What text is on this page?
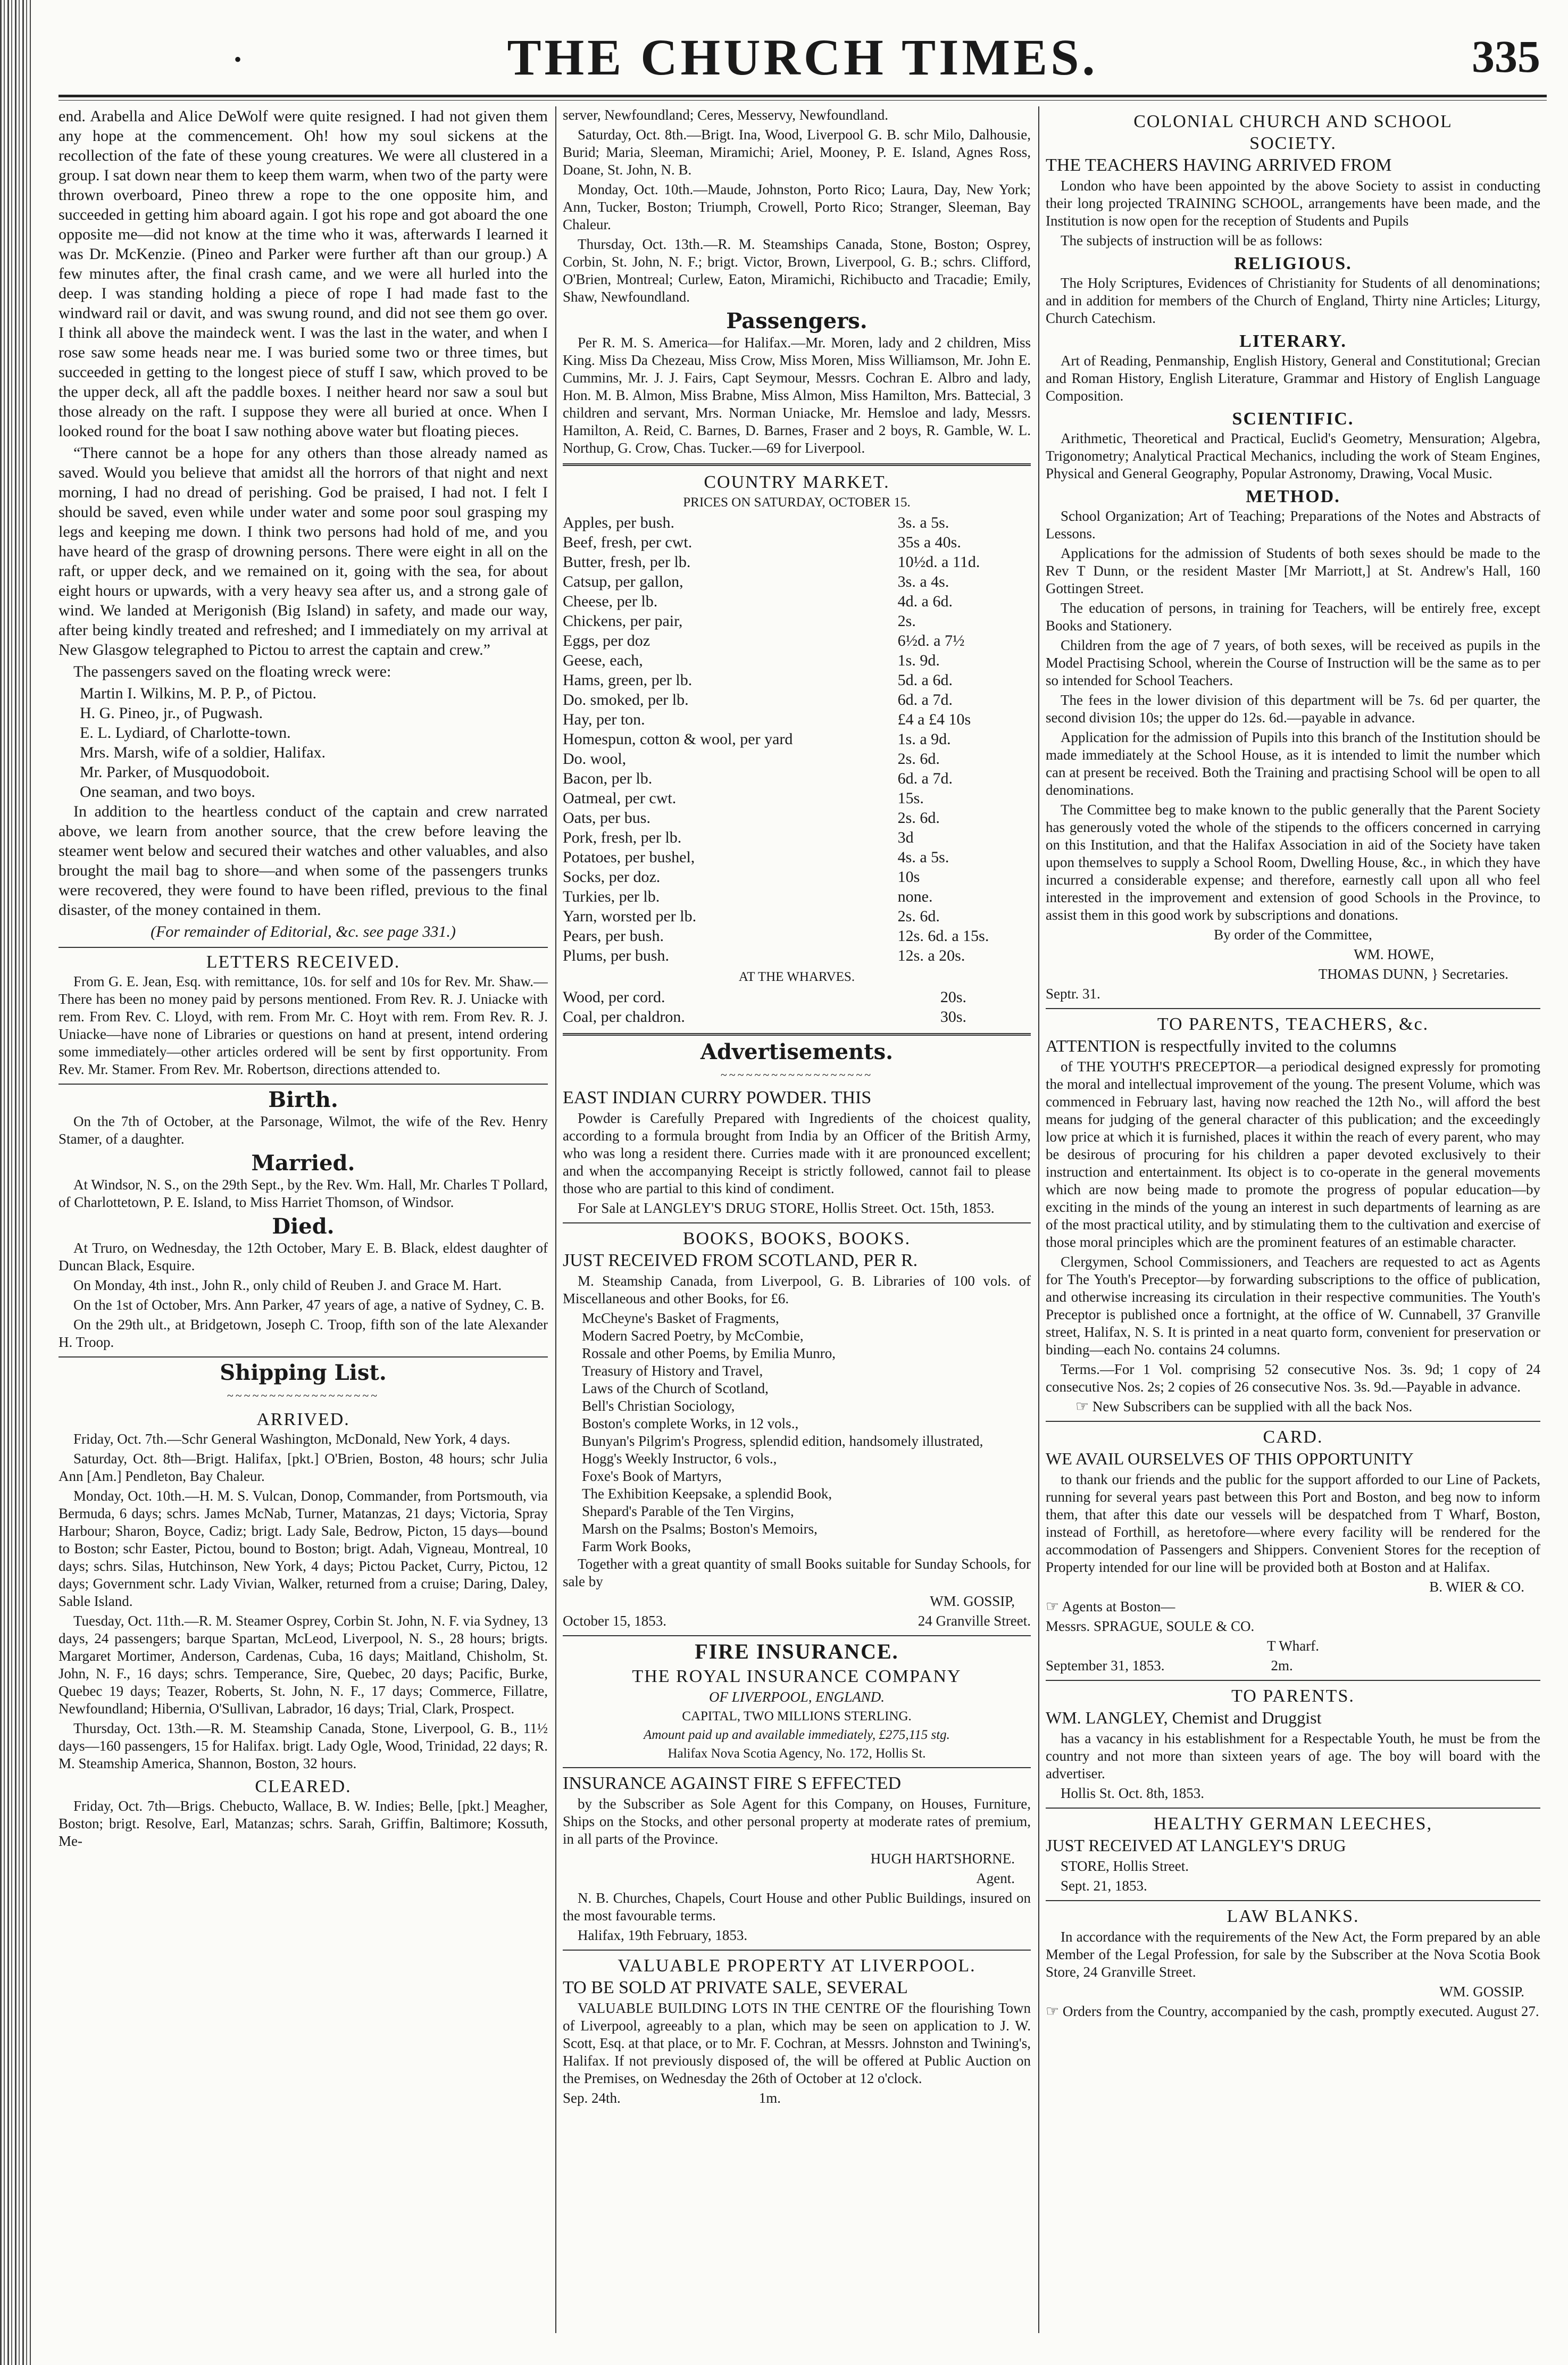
•	THE CHURCH TIMES.	335

end. Arabella and Alice DeWolf were quite resigned. I had not given them any hope at the commencement. Oh! how my soul sickens at the recollection of the fate of these young creatures. We were all clustered in a group. I sat down near them to keep them warm, when two of the party were thrown overboard, Pineo threw a rope to the one opposite him, and succeeded in getting him aboard again. I got his rope and got aboard the one opposite me—did not know at the time who it was, afterwards I learned it was Dr. McKenzie. (Pineo and Parker were further aft than our group.) A few minutes after, the final crash came, and we were all hurled into the deep. I was standing holding a piece of rope I had made fast to the windward rail or davit, and was swung round, and did not see them go over. I think all above the maindeck went. I was the last in the water, and when I rose saw some heads near me. I was buried some two or three times, but succeeded in getting to the longest piece of stuff I saw, which proved to be the upper deck, all aft the paddle boxes. I neither heard nor saw a soul but those already on the raft. I suppose they were all buried at once. When I looked round for the boat I saw nothing above water but floating pieces.

“There cannot be a hope for any others than those already named as saved. Would you believe that amidst all the horrors of that night and next morning, I had no dread of perishing. God be praised, I had not. I felt I should be saved, even while under water and some poor soul grasping my legs and keeping me down. I think two persons had hold of me, and you have heard of the grasp of drowning persons. There were eight in all on the raft, or upper deck, and we remained on it, going with the sea, for about eight hours or upwards, with a very heavy sea after us, and a strong gale of wind. We landed at Merigonish (Big Island) in safety, and made our way, after being kindly treated and refreshed; and I immediately on my arrival at New Glasgow telegraphed to Pictou to arrest the captain and crew.”

The passengers saved on the floating wreck were:

Martin I. Wilkins, M. P. P., of Pictou.

H. G. Pineo, jr., of Pugwash.

E. L. Lydiard, of Charlotte-town.

Mrs. Marsh, wife of a soldier, Halifax.

Mr. Parker, of Musquodoboit.

One seaman, and two boys.

In addition to the heartless conduct of the captain and crew narrated above, we learn from another source, that the crew before leaving the steamer went below and secured their watches and other valuables, and also brought the mail bag to shore—and when some of the passengers trunks were recovered, they were found to have been rifled, previous to the final disaster, of the money contained in them.

(For remainder of Editorial, &c. see page 331.)

LETTERS RECEIVED.

From G. E. Jean, Esq. with remittance, 10s. for self and 10s for Rev. Mr. Shaw.—There has been no money paid by persons mentioned. From Rev. R. J. Uniacke with rem. From Rev. C. Lloyd, with rem. From Mr. C. Hoyt with rem. From Rev. R. J. Uniacke—have none of Libraries or questions on hand at present, intend ordering some immediately—other articles ordered will be sent by first opportunity. From Rev. Mr. Stamer. From Rev. Mr. Robertson, directions attended to.

Birth.

On the 7th of October, at the Parsonage, Wilmot, the wife of the Rev. Henry Stamer, of a daughter.

Married.

At Windsor, N. S., on the 29th Sept., by the Rev. Wm. Hall, Mr. Charles T Pollard, of Charlottetown, P. E. Island, to Miss Harriet Thomson, of Windsor.

Died.

At Truro, on Wednesday, the 12th October, Mary E. B. Black, eldest daughter of Duncan Black, Esquire.

On Monday, 4th inst., John R., only child of Reuben J. and Grace M. Hart.

On the 1st of October, Mrs. Ann Parker, 47 years of age, a native of Sydney, C. B.

On the 29th ult., at Bridgetown, Joseph C. Troop, fifth son of the late Alexander H. Troop.

Shipping List.

~~~~~~~~~~~~~~~~~~

ARRIVED.

Friday, Oct. 7th.—Schr General Washington, McDonald, New York, 4 days.

Saturday, Oct. 8th—Brigt. Halifax, [pkt.] O'Brien, Boston, 48 hours; schr Julia Ann [Am.] Pendleton, Bay Chaleur.

Monday, Oct. 10th.—H. M. S. Vulcan, Donop, Commander, from Portsmouth, via Bermuda, 6 days; schrs. James McNab, Turner, Matanzas, 21 days; Victoria, Spray Harbour; Sharon, Boyce, Cadiz; brigt. Lady Sale, Bedrow, Picton, 15 days—bound to Boston; schr Easter, Pictou, bound to Boston; brigt. Adah, Vigneau, Montreal, 10 days; schrs. Silas, Hutchinson, New York, 4 days; Pictou Packet, Curry, Pictou, 12 days; Government schr. Lady Vivian, Walker, returned from a cruise; Daring, Daley, Sable Island.

Tuesday, Oct. 11th.—R. M. Steamer Osprey, Corbin St. John, N. F. via Sydney, 13 days, 24 passengers; barque Spartan, McLeod, Liverpool, N. S., 28 hours; brigts. Margaret Mortimer, Anderson, Cardenas, Cuba, 16 days; Maitland, Chisholm, St. John, N. F., 16 days; schrs. Temperance, Sire, Quebec, 20 days; Pacific, Burke, Quebec 19 days; Teazer, Roberts, St. John, N. F., 17 days; Commerce, Fillatre, Newfoundland; Hibernia, O'Sullivan, Labrador, 16 days; Trial, Clark, Prospect.

Thursday, Oct. 13th.—R. M. Steamship Canada, Stone, Liverpool, G. B., 11½ days—160 passengers, 15 for Halifax. brigt. Lady Ogle, Wood, Trinidad, 22 days; R. M. Steamship America, Shannon, Boston, 32 hours.

CLEARED.

Friday, Oct. 7th—Brigs. Chebucto, Wallace, B. W. Indies; Belle, [pkt.] Meagher, Boston; brigt. Resolve, Earl, Matanzas; schrs. Sarah, Griffin, Baltimore; Kossuth, Me-

server, Newfoundland; Ceres, Messervy, Newfoundland.

Saturday, Oct. 8th.—Brigt. Ina, Wood, Liverpool G. B. schr Milo, Dalhousie, Burid; Maria, Sleeman, Miramichi; Ariel, Mooney, P. E. Island, Agnes Ross, Doane, St. John, N. B.

Monday, Oct. 10th.—Maude, Johnston, Porto Rico; Laura, Day, New York; Ann, Tucker, Boston; Triumph, Crowell, Porto Rico; Stranger, Sleeman, Bay Chaleur.

Thursday, Oct. 13th.—R. M. Steamships Canada, Stone, Boston; Osprey, Corbin, St. John, N. F.; brigt. Victor, Brown, Liverpool, G. B.; schrs. Clifford, O'Brien, Montreal; Curlew, Eaton, Miramichi, Richibucto and Tracadie; Emily, Shaw, Newfoundland.

Passengers.

Per R. M. S. America—for Halifax.—Mr. Moren, lady and 2 children, Miss King. Miss Da Chezeau, Miss Crow, Miss Moren, Miss Williamson, Mr. John E. Cummins, Mr. J. J. Fairs, Capt Seymour, Messrs. Cochran E. Albro and lady, Hon. M. B. Almon, Miss Brabne, Miss Almon, Miss Hamilton, Mrs. Battecial, 3 children and servant, Mrs. Norman Uniacke, Mr. Hemsloe and lady, Messrs. Hamilton, A. Reid, C. Barnes, D. Barnes, Fraser and 2 boys, R. Gamble, W. L. Northup, G. Crow, Chas. Tucker.—69 for Liverpool.

COUNTRY MARKET.

PRICES ON SATURDAY, OCTOBER 15.

Apples, per bush.	3s. a 5s.
Beef, fresh, per cwt.	35s a 40s.
Butter, fresh, per lb.	10½d. a 11d.
Catsup, per gallon,	3s. a 4s.
Cheese, per lb.	4d. a 6d.
Chickens, per pair,	2s.
Eggs, per doz	6½d. a 7½
Geese, each,	1s. 9d.
Hams, green, per lb.	5d. a 6d.
Do. smoked, per lb.	6d. a 7d.
Hay, per ton.	£4 a £4 10s
Homespun, cotton & wool, per yard	1s. a 9d.
Do. wool,	2s. 6d.
Bacon, per lb.	6d. a 7d.
Oatmeal, per cwt.	15s.
Oats, per bus.	2s. 6d.
Pork, fresh, per lb.	3d
Potatoes, per bushel,	4s. a 5s.
Socks, per doz.	10s
Turkies, per lb.	none.
Yarn, worsted per lb.	2s. 6d.
Pears, per bush.	12s. 6d. a 15s.
Plums, per bush.	12s. a 20s.

AT THE WHARVES.

Wood, per cord.	20s.
Coal, per chaldron.	30s.

Advertisements.

~~~~~~~~~~~~~~~~~~

EAST INDIAN CURRY POWDER. THIS

Powder is Carefully Prepared with Ingredients of the choicest quality, according to a formula brought from India by an Officer of the British Army, who was long a resident there. Curries made with it are pronounced excellent; and when the accompanying Receipt is strictly followed, cannot fail to please those who are partial to this kind of condiment.

For Sale at LANGLEY'S DRUG STORE, Hollis Street. Oct. 15th, 1853.

BOOKS, BOOKS, BOOKS.

JUST RECEIVED FROM SCOTLAND, PER R.

M. Steamship Canada, from Liverpool, G. B. Libraries of 100 vols. of Miscellaneous and other Books, for £6.

McCheyne's Basket of Fragments,

Modern Sacred Poetry, by McCombie,

Rossale and other Poems, by Emilia Munro,

Treasury of History and Travel,

Laws of the Church of Scotland,

Bell's Christian Sociology,

Boston's complete Works, in 12 vols.,

Bunyan's Pilgrim's Progress, splendid edition, handsomely illustrated,

Hogg's Weekly Instructor, 6 vols.,

Foxe's Book of Martyrs,

The Exhibition Keepsake, a splendid Book,

Shepard's Parable of the Ten Virgins,

Marsh on the Psalms; Boston's Memoirs,

Farm Work Books,

Together with a great quantity of small Books suitable for Sunday Schools, for sale by

WM. GOSSIP,

October 15, 1853.	24 Granville Street.

FIRE INSURANCE.

THE ROYAL INSURANCE COMPANY

OF LIVERPOOL, ENGLAND.

CAPITAL, TWO MILLIONS STERLING.

Amount paid up and available immediately, £275,115 stg.

Halifax Nova Scotia Agency, No. 172, Hollis St.

INSURANCE AGAINST FIRE S EFFECTED

by the Subscriber as Sole Agent for this Company, on Houses, Furniture, Ships on the Stocks, and other personal property at moderate rates of premium, in all parts of the Province.

HUGH HARTSHORNE.

Agent.

N. B. Churches, Chapels, Court House and other Public Buildings, insured on the most favourable terms.

Halifax, 19th February, 1853.

VALUABLE PROPERTY AT LIVERPOOL.

TO BE SOLD AT PRIVATE SALE, SEVERAL

VALUABLE BUILDING LOTS IN THE CENTRE OF the flourishing Town of Liverpool, agreeably to a plan, which may be seen on application to J. W. Scott, Esq. at that place, or to Mr. F. Cochran, at Messrs. Johnston and Twining's, Halifax. If not previously disposed of, the will be offered at Public Auction on the Premises, on Wednesday the 26th of October at 12 o'clock.

Sep. 24th.	1m.

COLONIAL CHURCH AND SCHOOL

SOCIETY.

THE TEACHERS HAVING ARRIVED FROM

London who have been appointed by the above Society to assist in conducting their long projected TRAINING SCHOOL, arrangements have been made, and the Institution is now open for the reception of Students and Pupils

The subjects of instruction will be as follows:

RELIGIOUS.

The Holy Scriptures, Evidences of Christianity for Students of all denominations; and in addition for members of the Church of England, Thirty nine Articles; Liturgy, Church Catechism.

LITERARY.

Art of Reading, Penmanship, English History, General and Constitutional; Grecian and Roman History, English Literature, Grammar and History of English Language Composition.

SCIENTIFIC.

Arithmetic, Theoretical and Practical, Euclid's Geometry, Mensuration; Algebra, Trigonometry; Analytical Practical Mechanics, including the work of Steam Engines, Physical and General Geography, Popular Astronomy, Drawing, Vocal Music.

METHOD.

School Organization; Art of Teaching; Preparations of the Notes and Abstracts of Lessons.

Applications for the admission of Students of both sexes should be made to the Rev T Dunn, or the resident Master [Mr Marriott,] at St. Andrew's Hall, 160 Gottingen Street.

The education of persons, in training for Teachers, will be entirely free, except Books and Stationery.

Children from the age of 7 years, of both sexes, will be received as pupils in the Model Practising School, wherein the Course of Instruction will be the same as to per so intended for School Teachers.

The fees in the lower division of this department will be 7s. 6d per quarter, the second division 10s; the upper do 12s. 6d.—payable in advance.

Application for the admission of Pupils into this branch of the Institution should be made immediately at the School House, as it is intended to limit the number which can at present be received. Both the Training and practising School will be open to all denominations.

The Committee beg to make known to the public generally that the Parent Society has generously voted the whole of the stipends to the officers concerned in carrying on this Institution, and that the Halifax Association in aid of the Society have taken upon themselves to supply a School Room, Dwelling House, &c., in which they have incurred a considerable expense; and therefore, earnestly call upon all who feel interested in the improvement and extension of good Schools in the Province, to assist them in this good work by subscriptions and donations.

By order of the Committee,

WM. HOWE,

THOMAS DUNN, } Secretaries.

Septr. 31.

TO PARENTS, TEACHERS, &c.

ATTENTION is respectfully invited to the columns

of THE YOUTH'S PRECEPTOR—a periodical designed expressly for promoting the moral and intellectual improvement of the young. The present Volume, which was commenced in February last, having now reached the 12th No., will afford the best means for judging of the general character of this publication; and the exceedingly low price at which it is furnished, places it within the reach of every parent, who may be desirous of procuring for his children a paper devoted exclusively to their instruction and entertainment. Its object is to co-operate in the general movements which are now being made to promote the progress of popular education—by exciting in the minds of the young an interest in such departments of learning as are of the most practical utility, and by stimulating them to the cultivation and exercise of those moral principles which are the prominent features of an estimable character.

Clergymen, School Commissioners, and Teachers are requested to act as Agents for The Youth's Preceptor—by forwarding subscriptions to the office of publication, and otherwise increasing its circulation in their respective communities. The Youth's Preceptor is published once a fortnight, at the office of W. Cunnabell, 37 Granville street, Halifax, N. S. It is printed in a neat quarto form, convenient for preservation or binding—each No. contains 24 columns.

Terms.—For 1 Vol. comprising 52 consecutive Nos. 3s. 9d; 1 copy of 24 consecutive Nos. 2s; 2 copies of 26 consecutive Nos. 3s. 9d.—Payable in advance.

☞ New Subscribers can be supplied with all the back Nos.

CARD.

WE AVAIL OURSELVES OF THIS OPPORTUNITY

to thank our friends and the public for the support afforded to our Line of Packets, running for several years past between this Port and Boston, and beg now to inform them, that after this date our vessels will be despatched from T Wharf, Boston, instead of Forthill, as heretofore—where every facility will be rendered for the accommodation of Passengers and Shippers. Convenient Stores for the reception of Property intended for our line will be provided both at Boston and at Halifax.

B. WIER & CO.

☞ Agents at Boston—

Messrs. SPRAGUE, SOULE & CO.

T Wharf.

September 31, 1853.	2m.

TO PARENTS.

WM. LANGLEY, Chemist and Druggist

has a vacancy in his establishment for a Respectable Youth, he must be from the country and not more than sixteen years of age. The boy will board with the advertiser.

Hollis St. Oct. 8th, 1853.

HEALTHY GERMAN LEECHES,

JUST RECEIVED AT LANGLEY'S DRUG

STORE, Hollis Street.

Sept. 21, 1853.

LAW BLANKS.

In accordance with the requirements of the New Act, the Form prepared by an able Member of the Legal Profession, for sale by the Subscriber at the Nova Scotia Book Store, 24 Granville Street.

WM. GOSSIP.

☞ Orders from the Country, accompanied by the cash, promptly executed. August 27.
